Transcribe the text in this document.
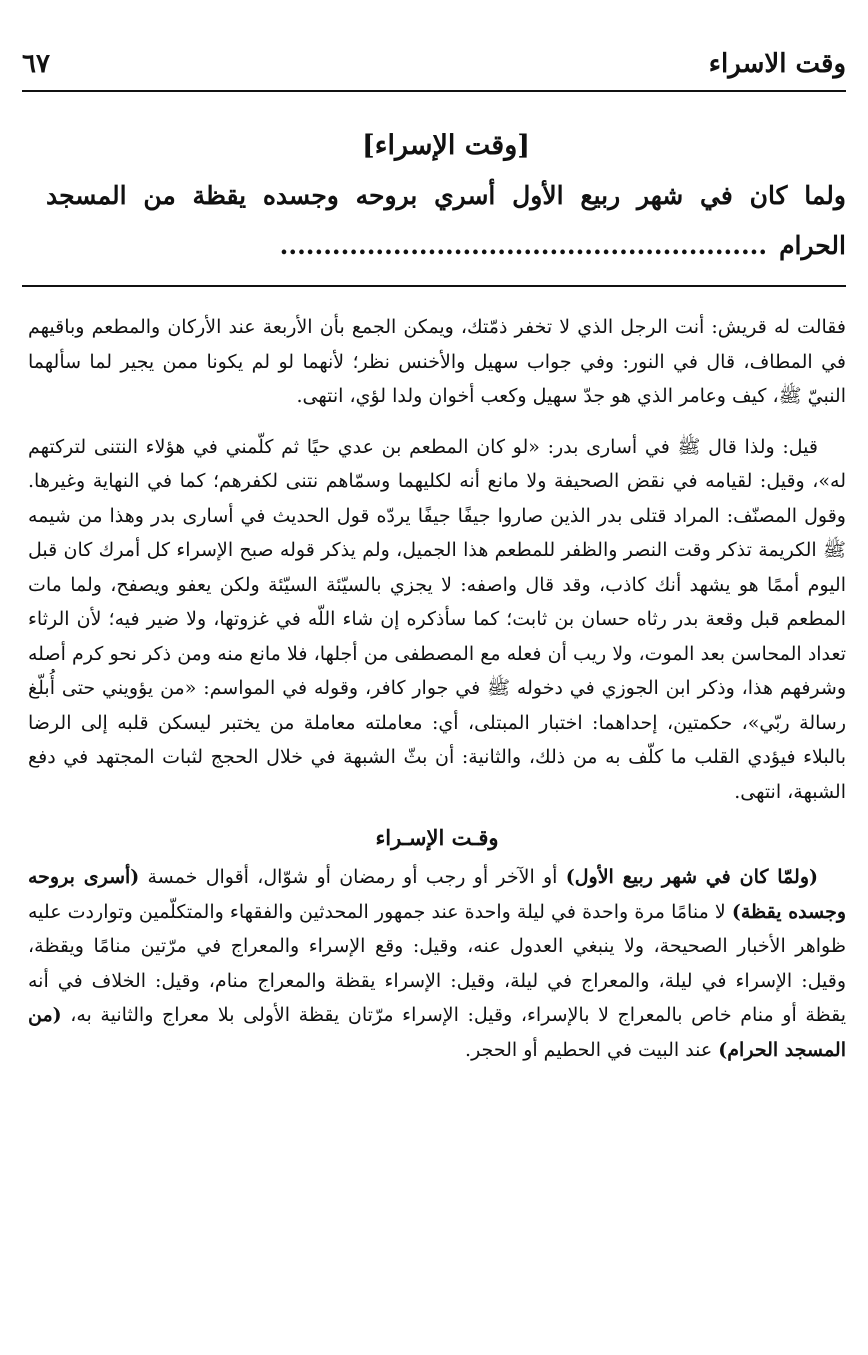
وقت الاسراء
٦٧
[وقت الإسراء]
ولما كان في شهر ربيع الأول أسري بروحه وجسده يقظة من المسجد الحرام........................................................

فقالت له قريش: أنت الرجل الذي لا تخفر ذمّتك، ويمكن الجمع بأن الأربعة عند الأركان والمطعم وباقيهم في المطاف، قال في النور: وفي جواب سهيل والأخنس نظر؛ لأنهما لو لم يكونا ممن يجير لما سألهما النبيّ ﷺ، كيف وعامر الذي هو جدّ سهيل وكعب أخوان ولدا لؤي، انتهى.

قيل: ولذا قال ﷺ في أسارى بدر: «لو كان المطعم بن عدي حيًا ثم كلّمني في هؤلاء النتنى لتركتهم له»، وقيل: لقيامه في نقض الصحيفة ولا مانع أنه لكليهما وسمّاهم نتنى لكفرهم؛ كما في النهاية وغيرها. وقول المصنّف: المراد قتلى بدر الذين صاروا جيفًا جيفًا يردّه قول الحديث في أسارى بدر وهذا من شيمه ﷺ الكريمة تذكر وقت النصر والظفر للمطعم هذا الجميل، ولم يذكر قوله صبح الإسراء كل أمرك كان قبل اليوم أممًا هو يشهد أنك كاذب، وقد قال واصفه: لا يجزي بالسيّئة السيّئة ولكن يعفو ويصفح، ولما مات المطعم قبل وقعة بدر رثاه حسان بن ثابت؛ كما سأذكره إن شاء اللّه في غزوتها، ولا ضير فيه؛ لأن الرثاء تعداد المحاسن بعد الموت، ولا ريب أن فعله مع المصطفى من أجلها، فلا مانع منه ومن ذكر نحو كرم أصله وشرفهم هذا، وذكر ابن الجوزي في دخوله ﷺ في جوار كافر، وقوله في المواسم: «من يؤويني حتى أُبلّغ رسالة ربّي»، حكمتين، إحداهما: اختبار المبتلى، أي: معاملته معاملة من يختبر ليسكن قلبه إلى الرضا بالبلاء فيؤدي القلب ما كلّف به من ذلك، والثانية: أن بثّ الشبهة في خلال الحجج لثبات المجتهد في دفع الشبهة، انتهى.

وقـت الإسـراء

(ولمّا كان في شهر ربيع الأول) أو الآخر أو رجب أو رمضان أو شوّال، أقوال خمسة (أسرى بروحه وجسده يقظة) لا منامًا مرة واحدة في ليلة واحدة عند جمهور المحدثين والفقهاء والمتكلّمين وتواردت عليه ظواهر الأخبار الصحيحة، ولا ينبغي العدول عنه، وقيل: وقع الإسراء والمعراج في مرّتين منامًا ويقظة، وقيل: الإسراء في ليلة، والمعراج في ليلة، وقيل: الإسراء يقظة والمعراج منام، وقيل: الخلاف في أنه يقظة أو منام خاص بالمعراج لا بالإسراء، وقيل: الإسراء مرّتان يقظة الأولى بلا معراج والثانية به، (من المسجد الحرام) عند البيت في الحطيم أو الحجر.
